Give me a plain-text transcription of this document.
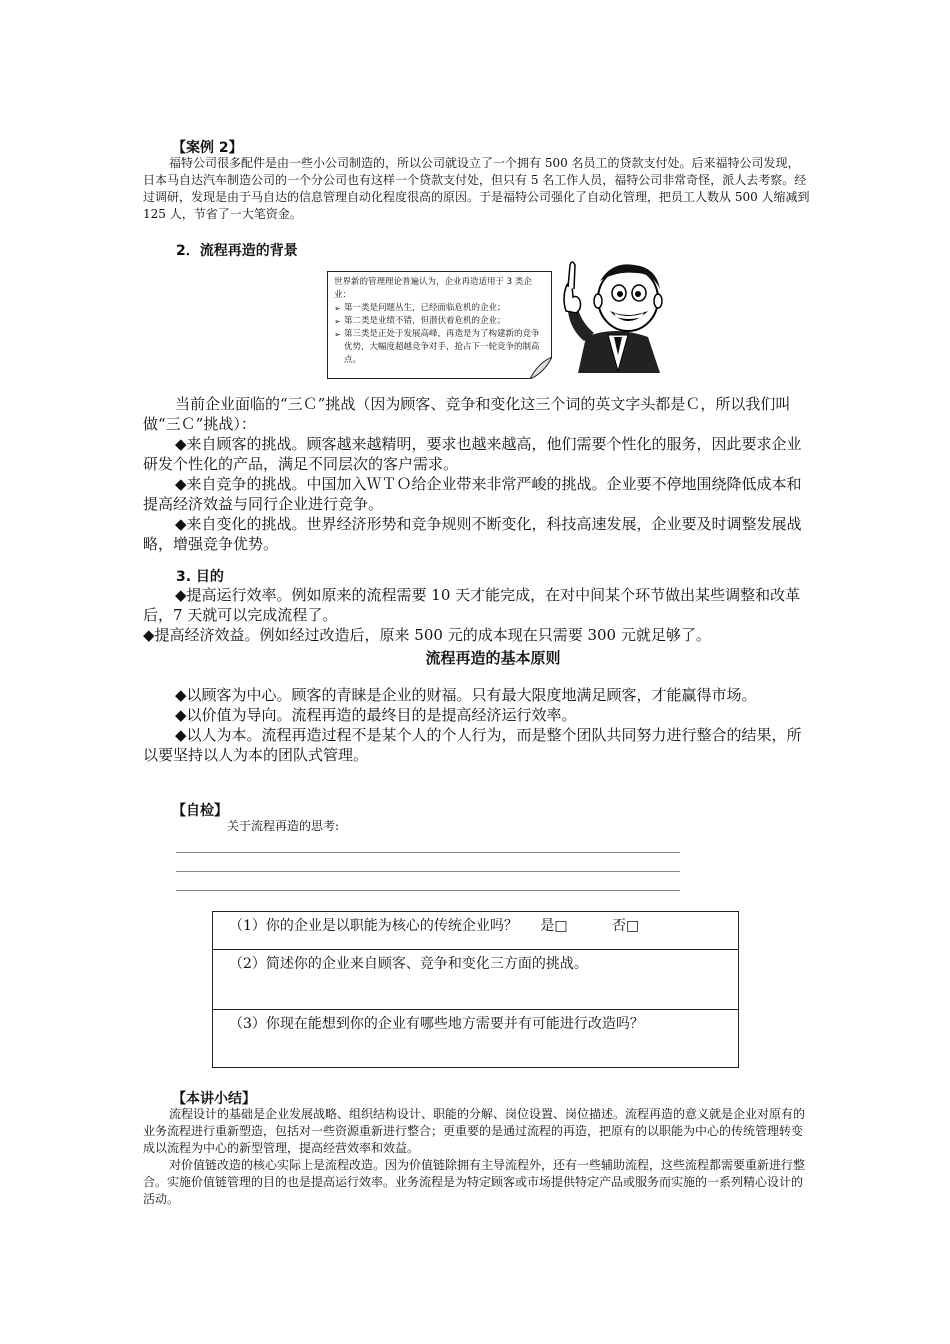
【案例 2】
福特公司很多配件是由一些小公司制造的，所以公司就设立了一个拥有 500 名员工的贷款支付处。后来福特公司发现，日本马自达汽车制造公司的一个分公司也有这样一个贷款支付处，但只有 5 名工作人员，福特公司非常奇怪，派人去考察。经过调研，发现是由于马自达的信息管理自动化程度很高的原因。于是福特公司强化了自动化管理，把员工人数从 500 人缩减到 125 人，节省了一大笔资金。
2．流程再造的背景
世界新的管理理论普遍认为，企业再造适用于 3 类企业：
➢ 第一类是问题丛生，已经面临危机的企业；
➢ 第二类是业绩不错，但潜伏着危机的企业；
➢ 第三类是正处于发展高峰，再造是为了构建新的竞争优势，大幅度超越竞争对手，抢占下一轮竞争的制高点。
当前企业面临的“三Ｃ”挑战（因为顾客、竞争和变化这三个词的英文字头都是Ｃ，所以我们叫做“三Ｃ”挑战）：
◆来自顾客的挑战。顾客越来越精明，要求也越来越高，他们需要个性化的服务，因此要求企业研发个性化的产品，满足不同层次的客户需求。
◆来自竞争的挑战。中国加入ＷＴＯ给企业带来非常严峻的挑战。企业要不停地围绕降低成本和提高经济效益与同行企业进行竞争。
◆来自变化的挑战。世界经济形势和竞争规则不断变化，科技高速发展，企业要及时调整发展战略，增强竞争优势。
3. 目的
◆提高运行效率。例如原来的流程需要 10 天才能完成，在对中间某个环节做出某些调整和改革后，7 天就可以完成流程了。
◆提高经济效益。例如经过改造后，原来 500 元的成本现在只需要 300 元就足够了。
流程再造的基本原则
◆以顾客为中心。顾客的青睐是企业的财福。只有最大限度地满足顾客，才能赢得市场。
◆以价值为导向。流程再造的最终目的是提高经济运行效率。
◆以人为本。流程再造过程不是某个人的个人行为，而是整个团队共同努力进行整合的结果，所以要坚持以人为本的团队式管理。
【自检】
关于流程再造的思考:
（1）你的企业是以职能为核心的传统企业吗？ 是□	否□
（2）简述你的企业来自顾客、竞争和变化三方面的挑战。
（3）你现在能想到你的企业有哪些地方需要并有可能进行改造吗？
【本讲小结】
流程设计的基础是企业发展战略、组织结构设计、职能的分解、岗位设置、岗位描述。流程再造的意义就是企业对原有的业务流程进行重新塑造，包括对一些资源重新进行整合；更重要的是通过流程的再造，把原有的以职能为中心的传统管理转变成以流程为中心的新型管理，提高经营效率和效益。
对价值链改造的核心实际上是流程改造。因为价值链除拥有主导流程外，还有一些辅助流程，这些流程都需要重新进行整合。实施价值链管理的目的也是提高运行效率。业务流程是为特定顾客或市场提供特定产品或服务而实施的一系列精心设计的活动。
